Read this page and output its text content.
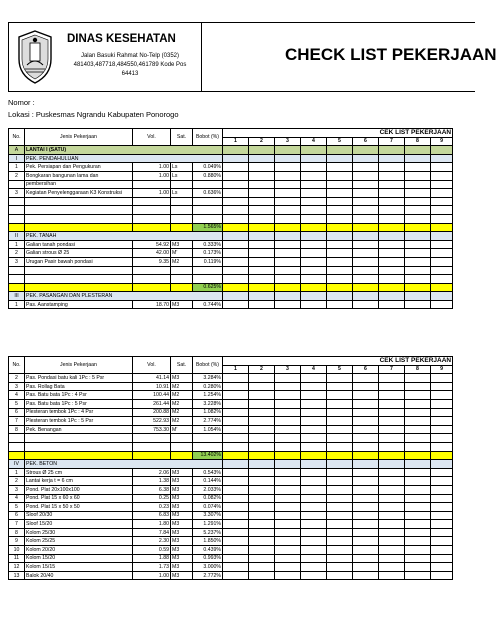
DINAS KESEHATAN
Jalan Basuki Rahmat No-Telp (0352)
481403,487718,484550,461789 Kode Pos
64413
CHECK LIST PEKERJAAN
Nomor :
Lokasi : Puskesmas Ngrandu Kabupaten Ponorogo
No.	Jenis Pekerjaan	Vol.	Sat.	Bobot (%)	CEK LIST PEKERJAAN								
					1	2	3	4	5	6	7	8	9
A	LANTAI I (SATU)												
I	PEK. PENDAHULUAN												
1	Pek. Persiapan dan Pengukuran	1.00	Ls	0.049%									
2	Bongkaran bangunan lama dan	1.00	Ls	0.880%									
	pembersihan												
3	Kegiatan Penyelenggaraan K3 Konstruksi	1.00	Ls	0.636%									

				1.565%									
II	PEK. TANAH												
1	Galian tanah pondasi	54.92	M3	0.333%									
2	Galian strous Ø 25	42.00	M'	0.173%									
3	Urugan Pasir bawah pondasi	9.35	M2	0.119%									

				0.625%									
III	PEK. PASANGAN DAN PLESTERAN												
1	Pas. Aanstamping	18.70	M3	0.744%									
No.	Jenis Pekerjaan	Vol.	Sat.	Bobot (%)	CEK LIST PEKERJAAN								
					1	2	3	4	5	6	7	8	9
2	Pas. Pondasi batu kali 1Pc : 5 Psr	41.14	M3	3.284%									
3	Pas. Rollag Bata	10.91	M2	0.280%									
4	Pas. Batu bata 1Pc : 4 Psr	100.44	M2	1.254%									
5	Pas. Batu bata 1Pc : 5 Psr	261.44	M2	3.228%									
6	Plesteran tembok 1Pc : 4 Psr	200.88	M2	1.082%									
7	Plesteran tembok 1Pc : 5 Psr	522.93	M2	2.774%									
8	Pek. Benangan	753.30	M'	1.054%									

				13.402%									
IV	PEK. BETON												
1	Strous Ø 25 cm	2.06	M3	0.543%									
2	Lantai kerja t = 6 cm	1.38	M3	0.144%									
3	Pond. Plat 20x100x100	6.38	M3	2.033%									
4	Pond. Plat 15 x 60 x 60	0.25	M3	0.082%									
5	Pond. Plat 15 x 50 x 50	0.23	M3	0.074%									
6	Sloof 20/30	6.83	M3	3.307%									
7	Sloof 15/20	1.80	M3	1.291%									
8	Kolom 25/30	7.84	M3	5.237%									
9	Kolom 25/25	2.30	M3	1.850%									
10	Kolom 20/20	0.59	M3	0.439%									
11	Kolom 15/20	1.88	M3	0.993%									
12	Kolom 15/15	1.73	M3	3.000%									
13	Balok 20/40	1.00	M3	2.772%									
